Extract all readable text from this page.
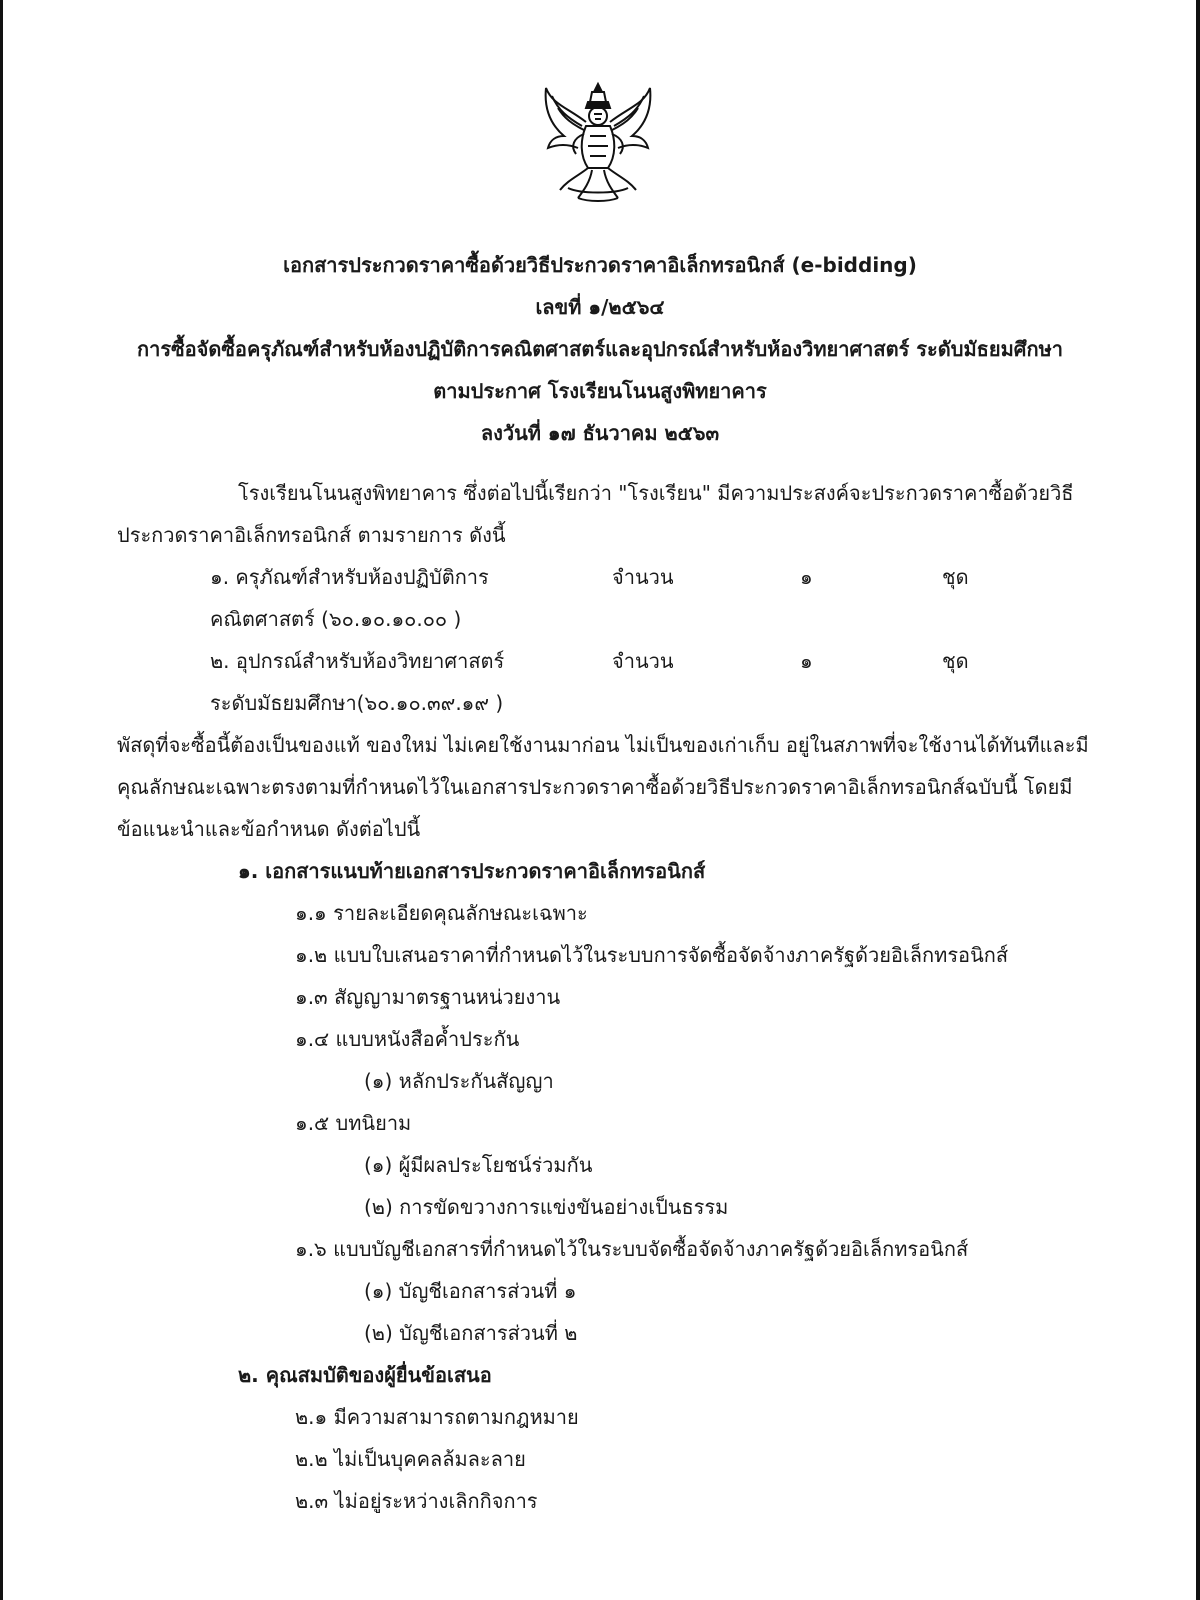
เอกสารประกวดราคาซื้อด้วยวิธีประกวดราคาอิเล็กทรอนิกส์ (e-bidding)
เลขที่ ๑/๒๕๖๔
การซื้อจัดซื้อครุภัณฑ์สำหรับห้องปฏิบัติการคณิตศาสตร์และอุปกรณ์สำหรับห้องวิทยาศาสตร์ ระดับมัธยมศึกษา
ตามประกาศ โรงเรียนโนนสูงพิทยาคาร
ลงวันที่ ๑๗ ธันวาคม ๒๕๖๓
โรงเรียนโนนสูงพิทยาคาร ซึ่งต่อไปนี้เรียกว่า "โรงเรียน" มีความประสงค์จะประกวดราคาซื้อด้วยวิธี
ประกวดราคาอิเล็กทรอนิกส์ ตามรายการ ดังนี้
๑. ครุภัณฑ์สำหรับห้องปฏิบัติการ	จำนวน	๑	ชุด
คณิตศาสตร์ (๖๐.๑๐.๑๐.๐๐ )
๒. อุปกรณ์สำหรับห้องวิทยาศาสตร์	จำนวน	๑	ชุด
ระดับมัธยมศึกษา(๖๐.๑๐.๓๙.๑๙ )
พัสดุที่จะซื้อนี้ต้องเป็นของแท้ ของใหม่ ไม่เคยใช้งานมาก่อน ไม่เป็นของเก่าเก็บ อยู่ในสภาพที่จะใช้งานได้ทันทีและมี
คุณลักษณะเฉพาะตรงตามที่กำหนดไว้ในเอกสารประกวดราคาซื้อด้วยวิธีประกวดราคาอิเล็กทรอนิกส์ฉบับนี้ โดยมี
ข้อแนะนำและข้อกำหนด ดังต่อไปนี้
๑. เอกสารแนบท้ายเอกสารประกวดราคาอิเล็กทรอนิกส์
๑.๑ รายละเอียดคุณลักษณะเฉพาะ
๑.๒ แบบใบเสนอราคาที่กำหนดไว้ในระบบการจัดซื้อจัดจ้างภาครัฐด้วยอิเล็กทรอนิกส์
๑.๓ สัญญามาตรฐานหน่วยงาน
๑.๔ แบบหนังสือค้ำประกัน
(๑) หลักประกันสัญญา
๑.๕ บทนิยาม
(๑) ผู้มีผลประโยชน์ร่วมกัน
(๒) การขัดขวางการแข่งขันอย่างเป็นธรรม
๑.๖ แบบบัญชีเอกสารที่กำหนดไว้ในระบบจัดซื้อจัดจ้างภาครัฐด้วยอิเล็กทรอนิกส์
(๑) บัญชีเอกสารส่วนที่ ๑
(๒) บัญชีเอกสารส่วนที่ ๒
๒. คุณสมบัติของผู้ยื่นข้อเสนอ
๒.๑ มีความสามารถตามกฎหมาย
๒.๒ ไม่เป็นบุคคลล้มละลาย
๒.๓ ไม่อยู่ระหว่างเลิกกิจการ
